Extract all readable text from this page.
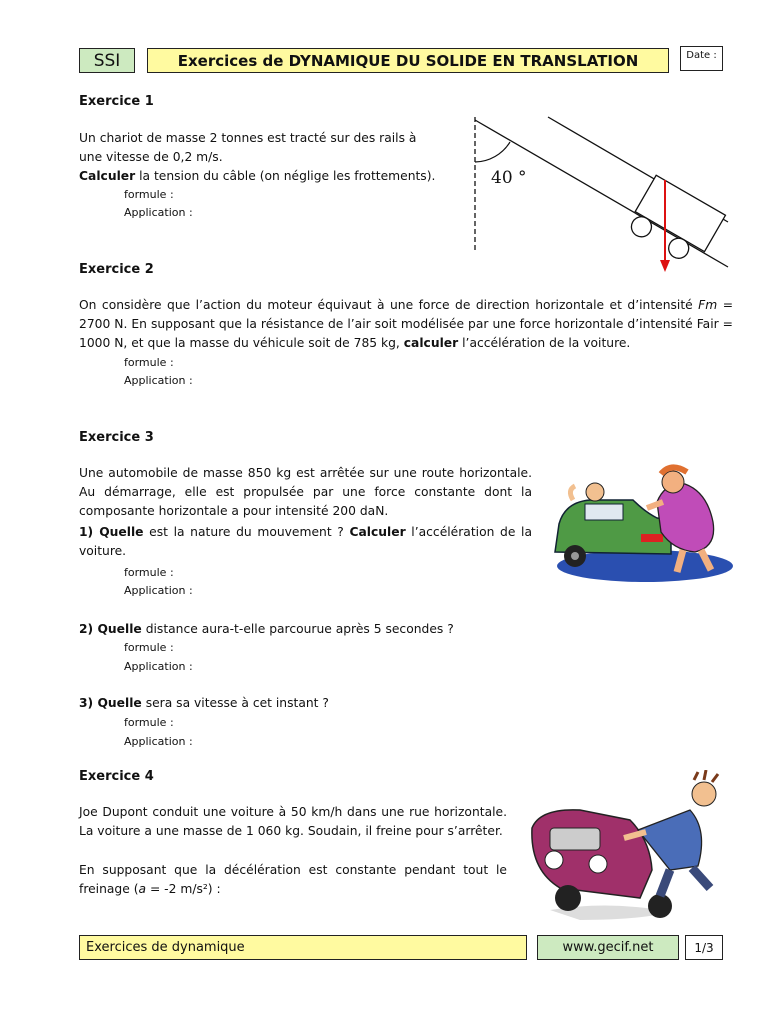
SSI	Exercices de DYNAMIQUE DU SOLIDE EN TRANSLATION	Date :
Exercice 1
Un chariot de masse 2 tonnes est tracté sur des rails à
une vitesse de 0,2 m/s.
Calculer la tension du câble (on néglige les frottements).
formule :
Application :
40 °
Exercice 2
On considère que l’action du moteur équivaut à une force de direction horizontale et d’intensité Fm = 2700 N. En supposant que la résistance de l’air soit modélisée par une force horizontale d’intensité Fair = 1000 N, et que la masse du véhicule soit de 785 kg, calculer l’accélération de la voiture.
formule :
Application :
Exercice 3
Une automobile de masse 850 kg est arrêtée sur une route horizontale. Au démarrage, elle est propulsée par une force constante dont la composante horizontale a pour intensité 200 daN.
1) Quelle est la nature du mouvement ? Calculer l’accélération de la voiture.
formule :
Application :
2) Quelle distance aura-t-elle parcourue après 5 secondes ?
formule :
Application :
3) Quelle sera sa vitesse à cet instant ?
formule :
Application :
Exercice 4
Joe Dupont conduit une voiture à 50 km/h dans une rue horizontale. La voiture a une masse de 1 060 kg. Soudain, il freine pour s’arrêter.
En supposant que la décélération est constante pendant tout le freinage (a = -2 m/s²) :
Exercices de dynamique	www.gecif.net	1/3
